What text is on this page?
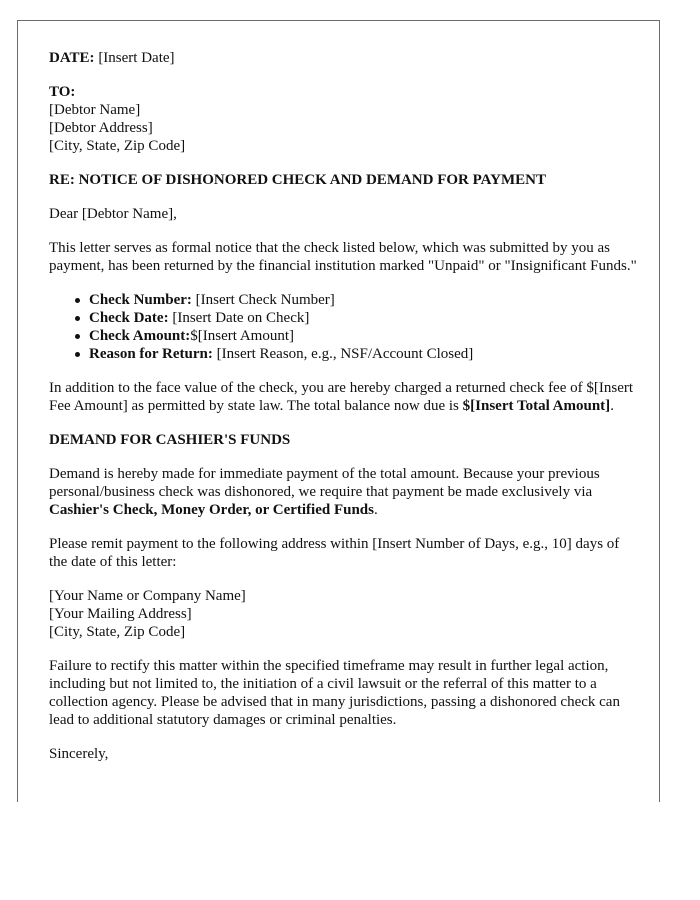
DATE: [Insert Date]
TO:
[Debtor Name]
[Debtor Address]
[City, State, Zip Code]
RE: NOTICE OF DISHONORED CHECK AND DEMAND FOR PAYMENT
Dear [Debtor Name],
This letter serves as formal notice that the check listed below, which was submitted by you as payment, has been returned by the financial institution marked "Unpaid" or "Insignificant Funds."
Check Number: [Insert Check Number]
Check Date: [Insert Date on Check]
Check Amount:$[Insert Amount]
Reason for Return: [Insert Reason, e.g., NSF/Account Closed]
In addition to the face value of the check, you are hereby charged a returned check fee of $[Insert Fee Amount] as permitted by state law. The total balance now due is $[Insert Total Amount].
DEMAND FOR CASHIER'S FUNDS
Demand is hereby made for immediate payment of the total amount. Because your previous personal/business check was dishonored, we require that payment be made exclusively via Cashier's Check, Money Order, or Certified Funds.
Please remit payment to the following address within [Insert Number of Days, e.g., 10] days of the date of this letter:
[Your Name or Company Name]
[Your Mailing Address]
[City, State, Zip Code]
Failure to rectify this matter within the specified timeframe may result in further legal action, including but not limited to, the initiation of a civil lawsuit or the referral of this matter to a collection agency. Please be advised that in many jurisdictions, passing a dishonored check can lead to additional statutory damages or criminal penalties.
Sincerely,
